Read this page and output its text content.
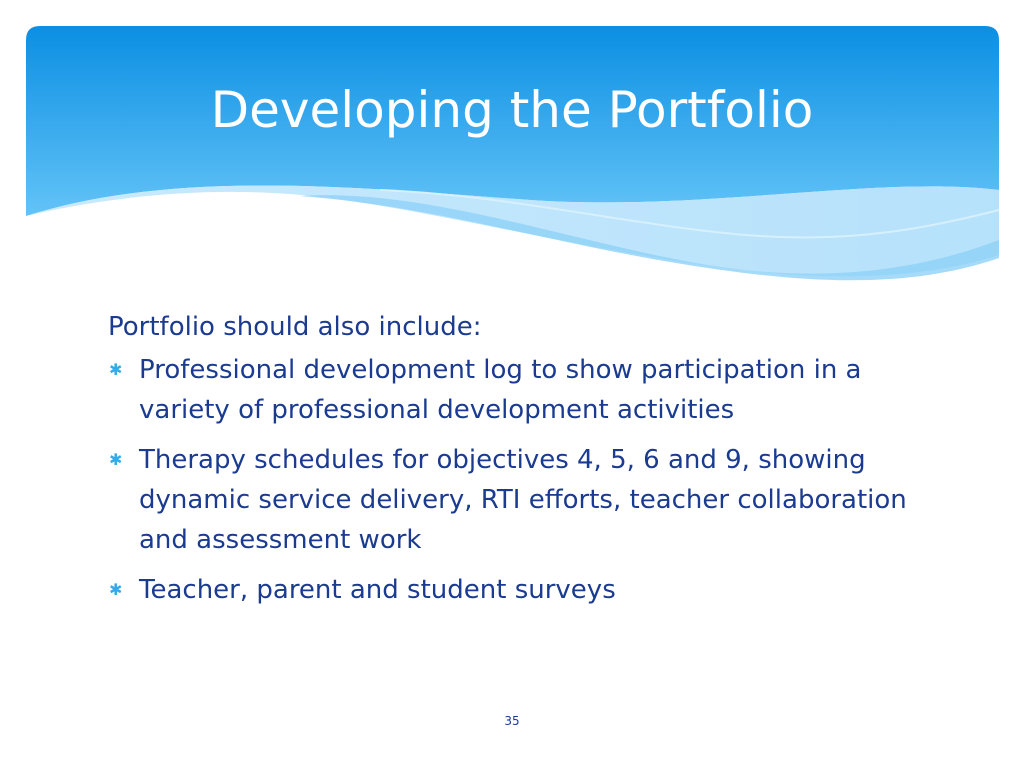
Developing the Portfolio

Portfolio should also include:

✱ Professional development log to show participation in a variety of professional development activities
✱ Therapy schedules for objectives 4, 5, 6 and 9, showing dynamic service delivery, RTI efforts, teacher collaboration and assessment work
✱ Teacher, parent and student surveys
35
